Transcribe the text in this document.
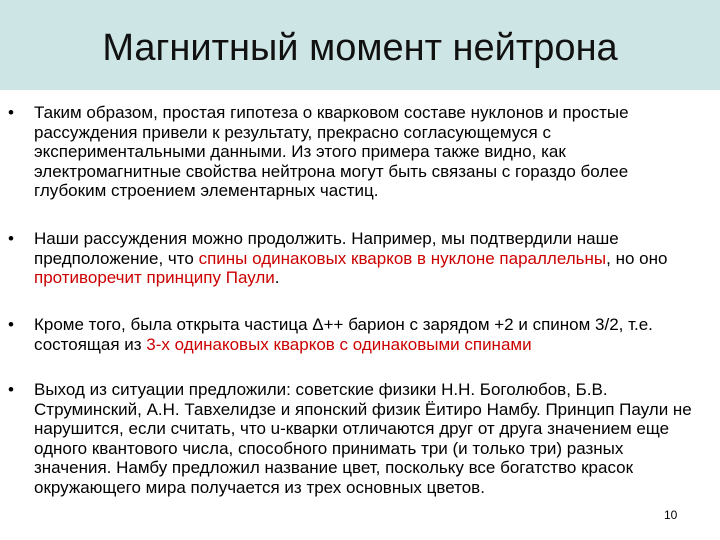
Магнитный момент нейтрона
• Таким образом, простая гипотеза о кварковом составе нуклонов и простые рассуждения привели к результату, прекрасно согласующемуся с экспериментальными данными. Из этого примера также видно, как электромагнитные свойства нейтрона могут быть связаны с гораздо более глубоким строением элементарных частиц.
• Наши рассуждения можно продолжить. Например, мы подтвердили наше предположение, что спины одинаковых кварков в нуклоне параллельны, но оно противоречит принципу Паули.
• Кроме того, была открыта частица Δ++ барион с зарядом +2 и спином 3/2, т.е. состоящая из 3-х одинаковых кварков с одинаковыми спинами
• Выход из ситуации предложили: советские физики Н.Н. Боголюбов, Б.В. Струминский, А.Н. Тавхелидзе и японский физик Ёитиро Намбу. Принцип Паули не нарушится, если считать, что u-кварки отличаются друг от друга значением еще одного квантового числа, способного принимать три (и только три) разных значения. Намбу предложил название цвет, поскольку все богатство красок окружающего мира получается из трех основных цветов.
10
